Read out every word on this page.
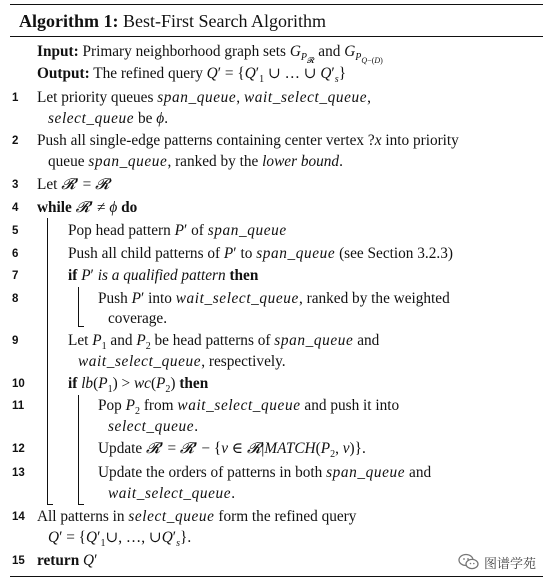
Algorithm 1: Best-First Search Algorithm
Input: Primary neighborhood graph sets $G_{P_𝓡}$ and $G_{P_{Q-(D)}}$
Output: The refined query $Q' = \{Q'_1$ ∪ … ∪ $Q'_s$}
1	Let priority queues span_queue, wait_select_queue,
select_queue be ϕ.
2	Push all single-edge patterns containing center vertex ?x into priority
queue span_queue, ranked by the lower bound.
3	Let 𝓡′ = 𝓡
4	while 𝓡′ ≠ ϕ do
5	Pop head pattern P′ of span_queue
6	Push all child patterns of P′ to span_queue (see Section 3.2.3)
7	if P′ is a qualified pattern then
8	Push P′ into wait_select_queue, ranked by the weighted
coverage.
9	Let $P_1$ and $P_2$ be head patterns of span_queue and
wait_select_queue, respectively.
10	if $lb(P_1) > wc(P_2)$ then
11	Pop $P_2$ from wait_select_queue and push it into
select_queue.
12	Update 𝓡′ = 𝓡′ − {v ∈ $𝓡|MATCH(P_2$, v)}.
13	Update the orders of patterns in both span_queue and
wait_select_queue.
14 All patterns in select_queue form the refined query
$Q' = \{Q'_1\cup$, …, $\cup Q'_s$}.
15 return Q′	图谱学苑
